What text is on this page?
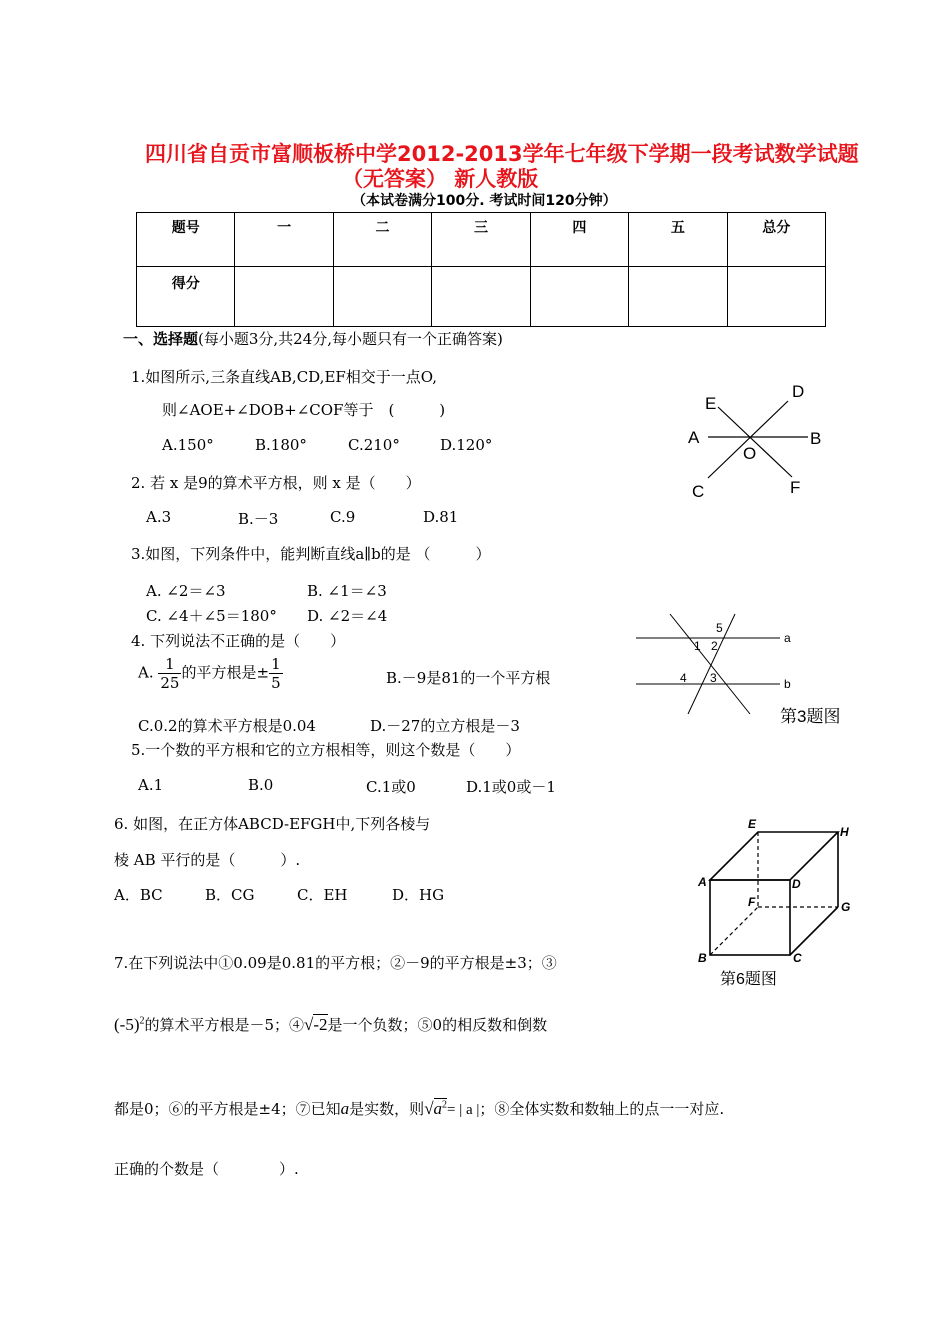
四川省自贡市富顺板桥中学2012-2013学年七年级下学期一段考试数学试题
（无答案） 新人教版
（本试卷满分100分. 考试时间120分钟）
题号	一	二	三	四	五	总分
得分						
一、选择题(每小题3分,共24分,每小题只有一个正确答案)
1.如图所示,三条直线AB,CD,EF相交于一点O,
则∠AOE+∠DOB+∠COF等于　(　　　)
A.150°	B.180°	C.210°	D.120°
E
D
A	B
O
C	F
2. 若 x 是9的算术平方根，则 x 是（　　）
A.3	B.－3	C.9	D.81
3.如图，下列条件中，能判断直线a∥b的是 （　　　）
A. ∠2＝∠3	B. ∠1＝∠3
C. ∠4＋∠5＝180° D. ∠2＝∠4
5
1 2
4 3
a
b
第3题图
4. 下列说法不正确的是（　　）
A. $\frac{1}{25}$ 的平方根是± $\frac{1}{5}$	B.－9是81的一个平方根
C.0.2的算术平方根是0.04	D.－27的立方根是－3
5.一个数的平方根和它的立方根相等，则这个数是（　　）
A.1	B.0	C.1或0	D.1或0或－1
6. 如图，在正方体ABCD-EFGH中,下列各棱与
棱 AB 平行的是（　　　）.
A．BC	B．CG	C．EH	D．HG
E
H
A	D
F	G
B	C
第6题图
7.在下列说法中①0.09是0.81的平方根；②－9的平方根是±3；③
$(-5)^2$的算术平方根是－5；④√-2是一个负数；⑤0的相反数和倒数
都是0；⑥的平方根是±4；⑦已知a是实数，则$√a^2=$ | a |；⑧全体实数和数轴上的点一一对应.
正确的个数是（　　　　）.
